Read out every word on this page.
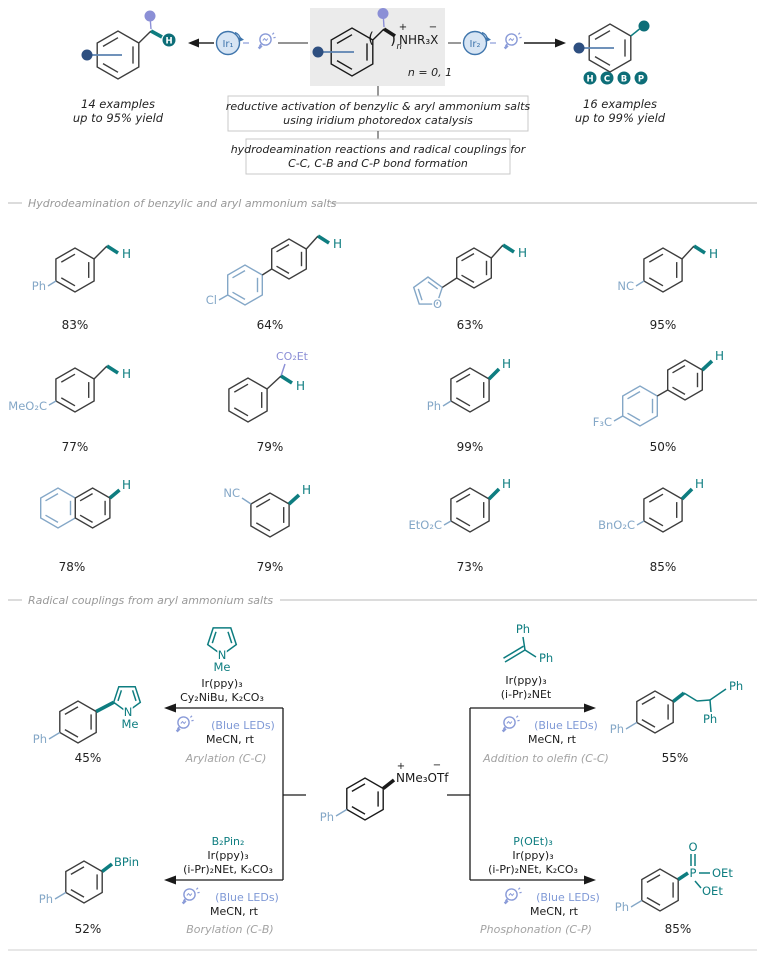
H
14 examples
up to 95% yield
Ir₁	( ) n
NHR₃X
+ −
n = 0, 1
Ir₂
H C B P
16 examples
up to 99% yield
reductive activation of benzylic & aryl ammonium salts
using iridium photoredox catalysis
hydrodeamination reactions and radical couplings for
C-C, C-B and C-P bond formation
Hydrodeamination of benzylic and aryl ammonium salts
Ph
H
83%
Cl
H
64%
O
H
63%
NC
H
95%
MeO₂C
H
77%
CO₂Et
H
79%
Ph
H
99%
F₃C
H
50%
H
78%
NC	H
79%
EtO₂C
H
73%
BnO₂C
H
85%
Radical couplings from aryl ammonium salts
Ph
NMe₃OTf
+	−
N
Me
Ir(ppy)₃
Cy₂NiBu, K₂CO₃
(Blue LEDs)
MeCN, rt
Arylation (C-C)
Ph
N
Me
45%
Ph
Ph
Ir(ppy)₃
(i-Pr)₂NEt
(Blue LEDs)
MeCN, rt
Addition to olefin (C-C)
Ph
Ph
Ph
55%
B₂Pin₂
Ir(ppy)₃
(i-Pr)₂NEt, K₂CO₃
(Blue LEDs)
MeCN, rt
Borylation (C-B)
Ph
BPin
52%
P(OEt)₃
Ir(ppy)₃
(i-Pr)₂NEt, K₂CO₃
(Blue LEDs)
MeCN, rt
Phosphonation (C-P)
Ph
P
O
OEt
OEt
85%
